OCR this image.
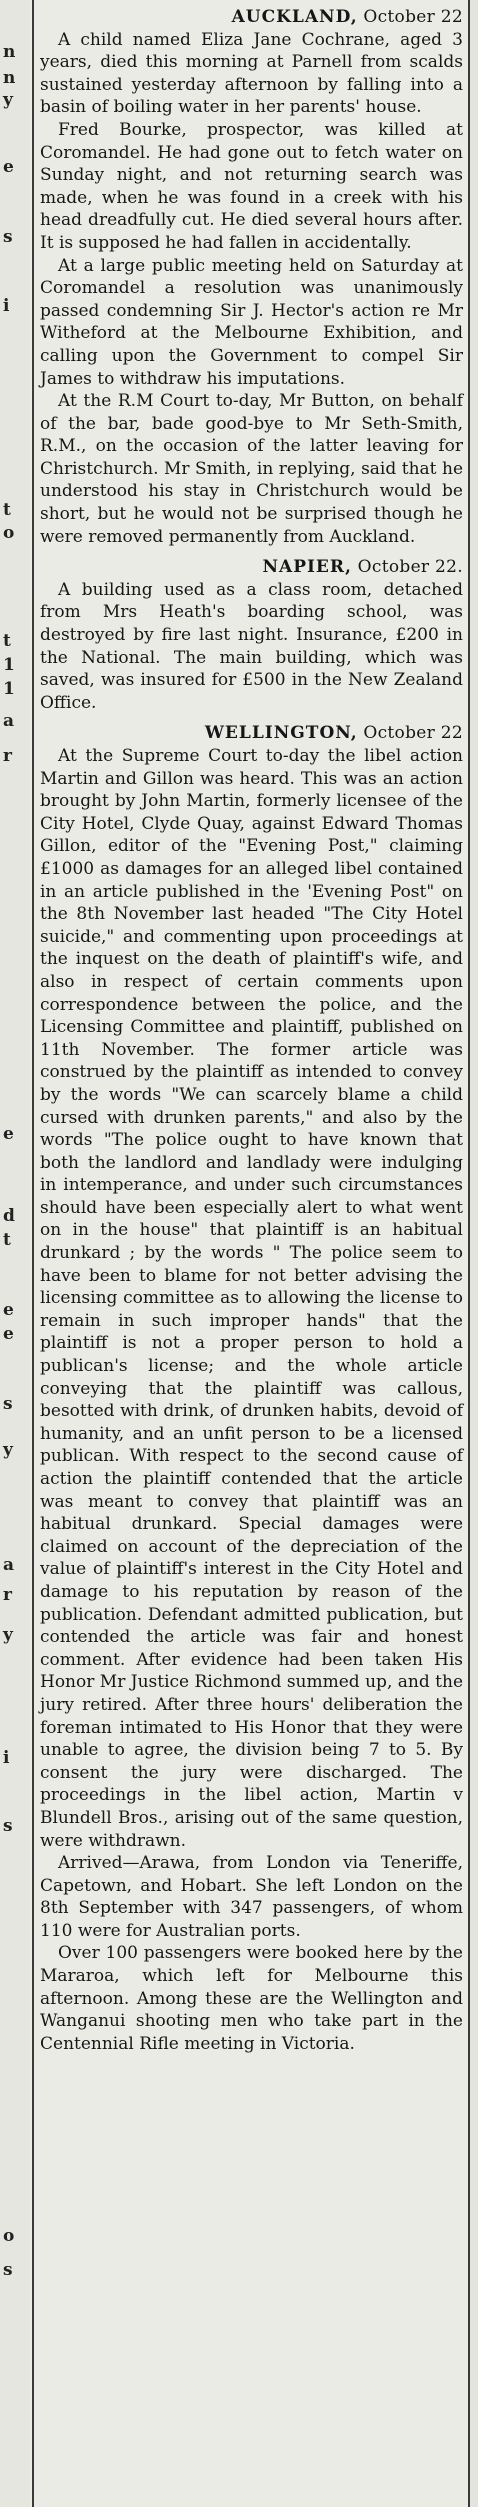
n
n
y
e
s
i
t
o
t
1
1
a
r
e
d
t
e
e
s
y
a
r
y
i
s
o
s
AUCKLAND, October 22

A child named Eliza Jane Cochrane, aged 3 years, died this morning at Parnell from scalds sustained yesterday afternoon by falling into a basin of boiling water in her parents' house.

Fred Bourke, prospector, was killed at Coromandel. He had gone out to fetch water on Sunday night, and not returning search was made, when he was found in a creek with his head dreadfully cut. He died several hours after. It is supposed he had fallen in accidentally.

At a large public meeting held on Saturday at Coromandel a resolution was unanimously passed condemning Sir J. Hector's action re Mr Witheford at the Melbourne Exhibition, and calling upon the Government to compel Sir James to withdraw his imputations.

At the R.M Court to-day, Mr Button, on behalf of the bar, bade good-bye to Mr Seth-Smith, R.M., on the occasion of the latter leaving for Christchurch. Mr Smith, in replying, said that he understood his stay in Christchurch would be short, but he would not be surprised though he were removed permanently from Auckland.

NAPIER, October 22.

A building used as a class room, detached from Mrs Heath's boarding school, was destroyed by fire last night. Insurance, £200 in the National. The main building, which was saved, was insured for £500 in the New Zealand Office.

WELLINGTON, October 22

At the Supreme Court to-day the libel action Martin and Gillon was heard. This was an action brought by John Martin, formerly licensee of the City Hotel, Clyde Quay, against Edward Thomas Gillon, editor of the "Evening Post," claiming £1000 as damages for an alleged libel contained in an article published in the 'Evening Post" on the 8th November last headed "The City Hotel suicide," and commenting upon proceedings at the inquest on the death of plaintiff's wife, and also in respect of certain comments upon correspondence between the police, and the Licensing Committee and plaintiff, published on 11th November. The former article was construed by the plaintiff as intended to convey by the words "We can scarcely blame a child cursed with drunken parents," and also by the words "The police ought to have known that both the landlord and landlady were indulging in intemperance, and under such circumstances should have been especially alert to what went on in the house" that plaintiff is an habitual drunkard ; by the words " The police seem to have been to blame for not better advising the licensing committee as to allowing the license to remain in such improper hands" that the plaintiff is not a proper person to hold a publican's license; and the whole article conveying that the plaintiff was callous, besotted with drink, of drunken habits, devoid of humanity, and an unfit person to be a licensed publican. With respect to the second cause of action the plaintiff contended that the article was meant to convey that plaintiff was an habitual drunkard. Special damages were claimed on account of the depreciation of the value of plaintiff's interest in the City Hotel and damage to his reputation by reason of the publication. Defendant admitted publication, but contended the article was fair and honest comment. After evidence had been taken His Honor Mr Justice Richmond summed up, and the jury retired. After three hours' deliberation the foreman intimated to His Honor that they were unable to agree, the division being 7 to 5. By consent the jury were discharged. The proceedings in the libel action, Martin v Blundell Bros., arising out of the same question, were withdrawn.

Arrived—Arawa, from London via Teneriffe, Capetown, and Hobart. She left London on the 8th September with 347 passengers, of whom 110 were for Australian ports.

Over 100 passengers were booked here by the Mararoa, which left for Melbourne this afternoon. Among these are the Wellington and Wanganui shooting men who take part in the Centennial Rifle meeting in Victoria.
